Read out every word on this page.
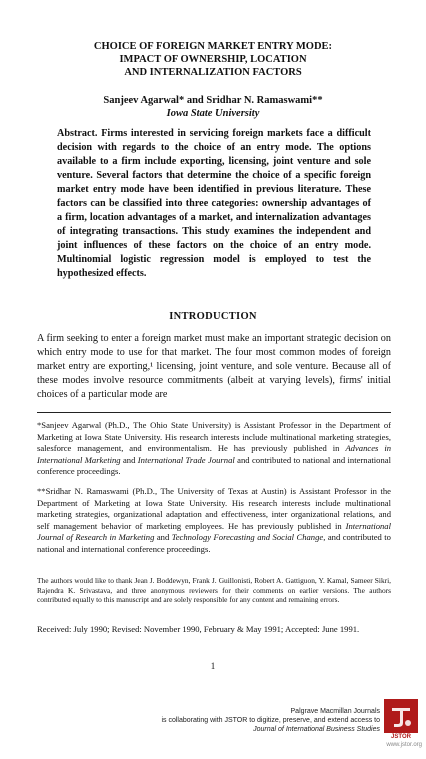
CHOICE OF FOREIGN MARKET ENTRY MODE:
IMPACT OF OWNERSHIP, LOCATION
AND INTERNALIZATION FACTORS
Sanjeev Agarwal* and Sridhar N. Ramaswami**
Iowa State University
Abstract. Firms interested in servicing foreign markets face a difficult decision with regards to the choice of an entry mode. The options available to a firm include exporting, licensing, joint venture and sole venture. Several factors that determine the choice of a specific foreign market entry mode have been identified in previous literature. These factors can be classified into three categories: ownership advantages of a firm, location advantages of a market, and internalization advantages of integrating transactions. This study examines the independent and joint influences of these factors on the choice of an entry mode. Multinomial logistic regression model is employed to test the hypothesized effects.
INTRODUCTION
A firm seeking to enter a foreign market must make an important strategic decision on which entry mode to use for that market. The four most common modes of foreign market entry are exporting,¹ licensing, joint venture, and sole venture. Because all of these modes involve resource commitments (albeit at varying levels), firms' initial choices of a particular mode are
*Sanjeev Agarwal (Ph.D., The Ohio State University) is Assistant Professor in the Department of Marketing at Iowa State University. His research interests include multinational marketing strategies, salesforce management, and environmentalism. He has previously published in Advances in International Marketing and International Trade Journal and contributed to national and international conference proceedings.
**Sridhar N. Ramaswami (Ph.D., The University of Texas at Austin) is Assistant Professor in the Department of Marketing at Iowa State University. His research interests include multinational marketing strategies, organizational adaptation and effectiveness, inter organizational relations, and self management behavior of marketing employees. He has previously published in International Journal of Research in Marketing and Technology Forecasting and Social Change, and contributed to national and international conference proceedings.
The authors would like to thank Jean J. Boddewyn, Frank J. Guillonisti, Robert A. Gattiguon, Y. Kamal, Sameer Sikri, Rajendra K. Srivastava, and three anonymous reviewers for their comments on earlier versions. The authors contributed equally to this manuscript and are solely responsible for any content and remaining errors.
Received: July 1990; Revised: November 1990, February & May 1991; Accepted: June 1991.
1
Palgrave Macmillan Journals
is collaborating with JSTOR to digitize, preserve, and extend access to
Journal of International Business Studies
JSTOR
www.jstor.org
